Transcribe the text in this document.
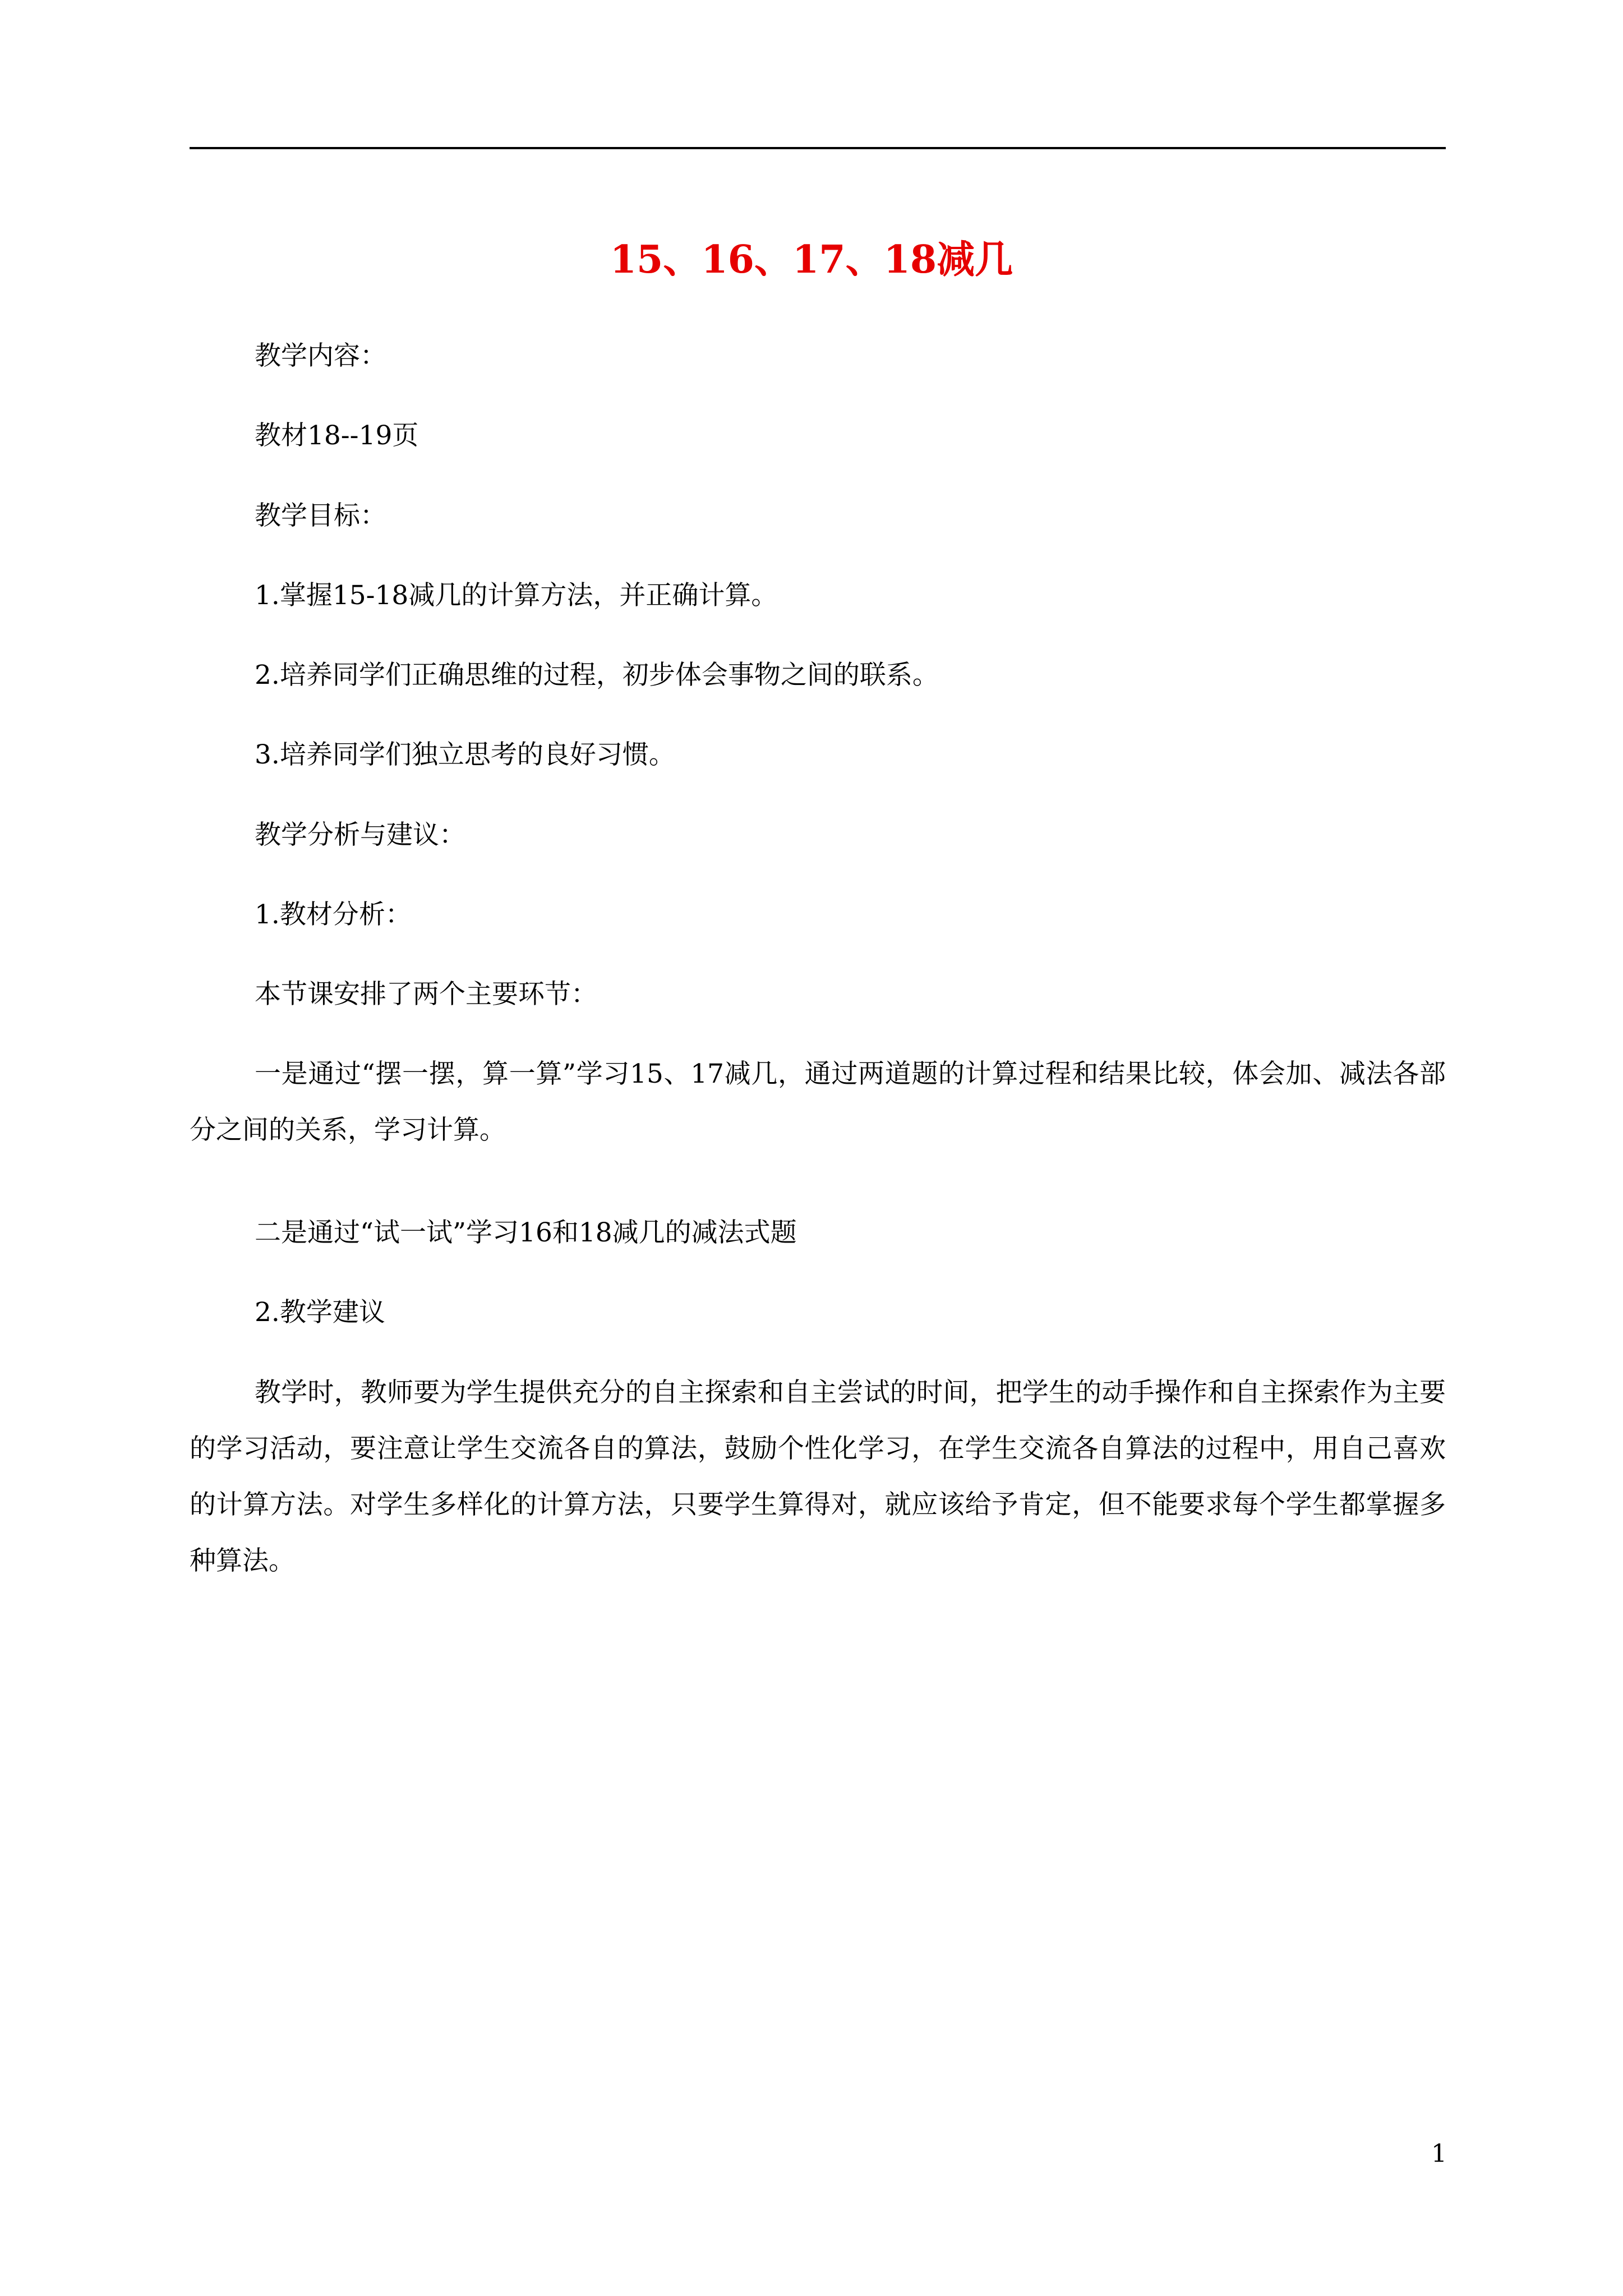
15、16、17、18减几

教学内容：

教材18--19页

教学目标：

1.掌握15-18减几的计算方法，并正确计算。

2.培养同学们正确思维的过程，初步体会事物之间的联系。

3.培养同学们独立思考的良好习惯。

教学分析与建议：

1.教材分析：

本节课安排了两个主要环节：

一是通过“摆一摆，算一算”学习15、17减几，通过两道题的计算过程和结果比较，体会加、减法各部分之间的关系，学习计算。

二是通过“试一试”学习16和18减几的减法式题

2.教学建议

教学时，教师要为学生提供充分的自主探索和自主尝试的时间，把学生的动手操作和自主探索作为主要的学习活动，要注意让学生交流各自的算法，鼓励个性化学习，在学生交流各自算法的过程中，用自己喜欢的计算方法。对学生多样化的计算方法，只要学生算得对，就应该给予肯定，但不能要求每个学生都掌握多种算法。

1
